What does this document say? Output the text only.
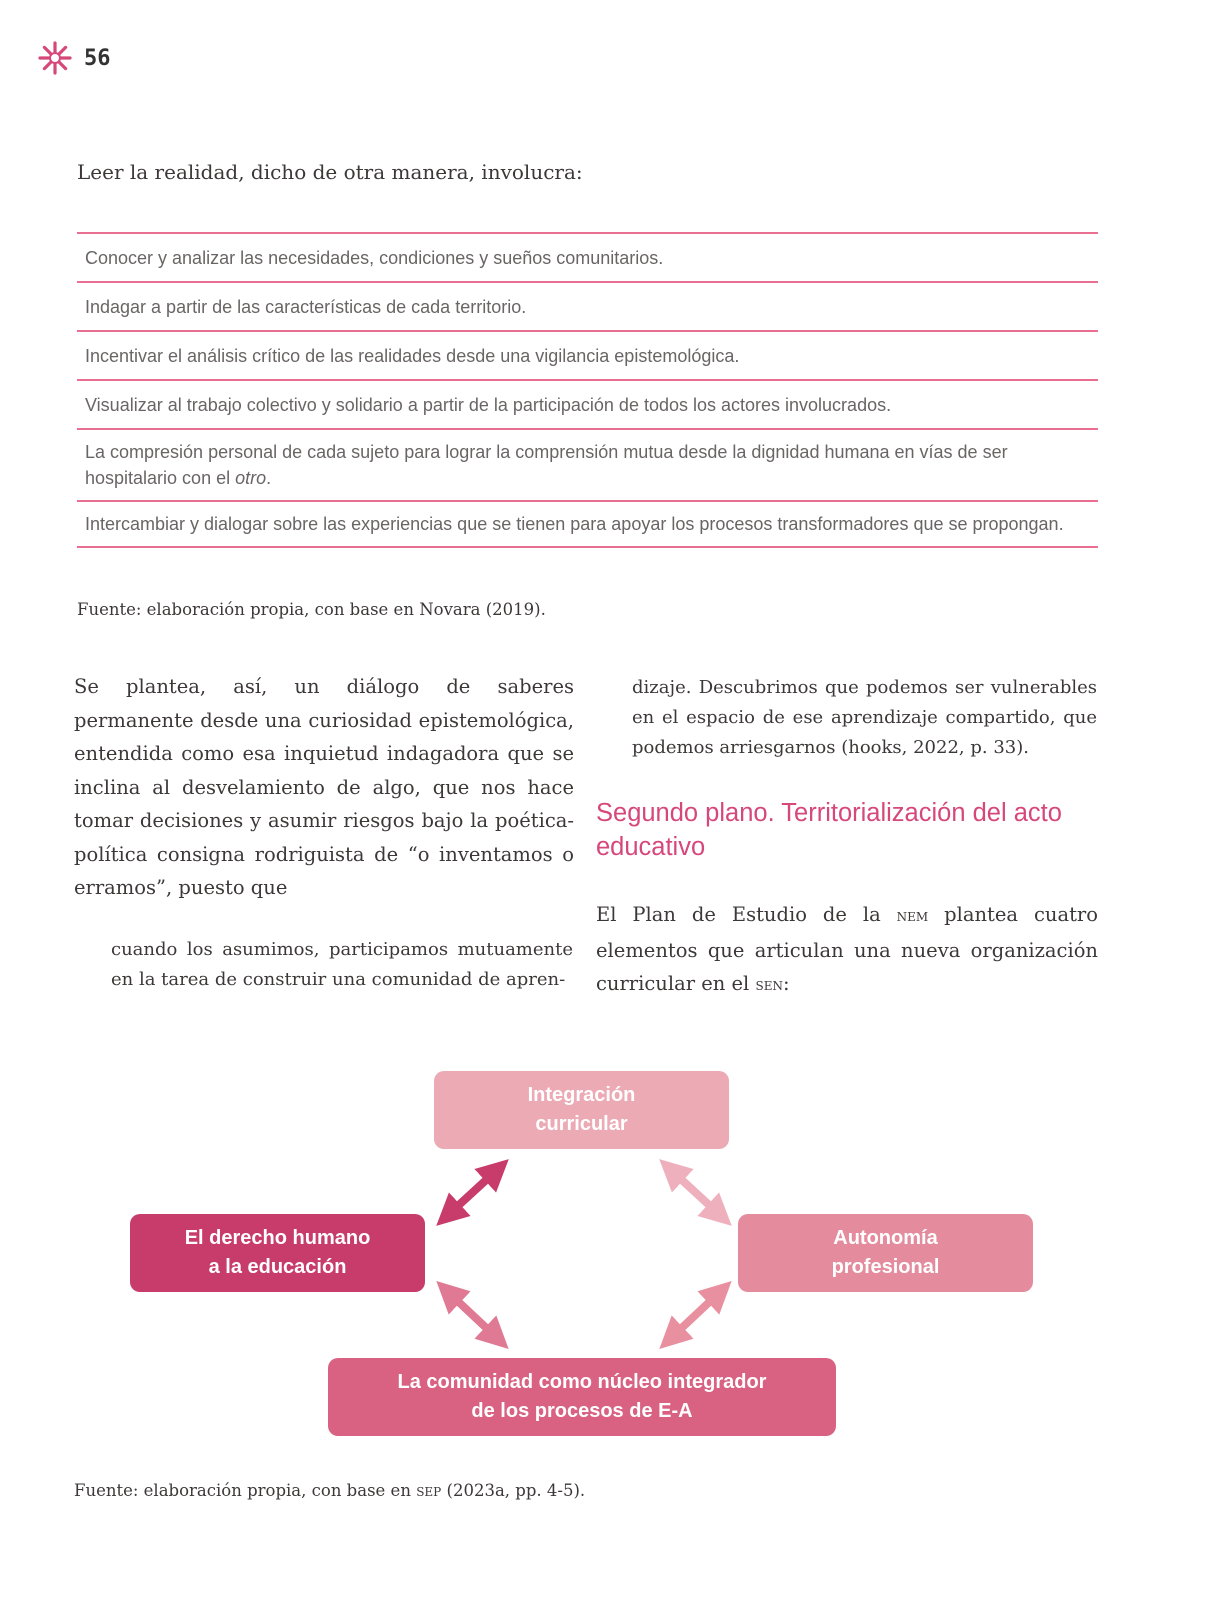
56
Leer la realidad, dicho de otra manera, involucra:
Conocer y analizar las necesidades, condiciones y sueños comunitarios.
Indagar a partir de las características de cada territorio.
Incentivar el análisis crítico de las realidades desde una vigilancia epistemológica.
Visualizar al trabajo colectivo y solidario a partir de la participación de todos los actores involucrados.
La compresión personal de cada sujeto para lograr la comprensión mutua desde la dignidad humana en vías de ser hospitalario con el otro.
Intercambiar y dialogar sobre las experiencias que se tienen para apoyar los procesos transformadores que se propongan.
Fuente: elaboración propia, con base en Novara (2019).

Se plantea, así, un diálogo de saberes permanente desde una curiosidad epistemológica, entendida como esa inquietud indagadora que se inclina al desvelamiento de algo, que nos hace tomar decisiones y asumir riesgos bajo la poética-política consigna rodriguista de “o inventamos o erramos”, puesto que

cuando los asumimos, participamos mutuamente en la tarea de construir una comunidad de apren-

dizaje. Descubrimos que podemos ser vulnerables en el espacio de ese aprendizaje compartido, que podemos arriesgarnos (hooks, 2022, p. 33).

Segundo plano. Territorialización del acto educativo

El Plan de Estudio de la nem plantea cuatro elementos que articulan una nueva organización curricular en el sen:

Integración
curricular
El derecho humano
a la educación
Autonomía
profesional
La comunidad como núcleo integrador
de los procesos de E-A
Fuente: elaboración propia, con base en sep (2023a, pp. 4-5).
